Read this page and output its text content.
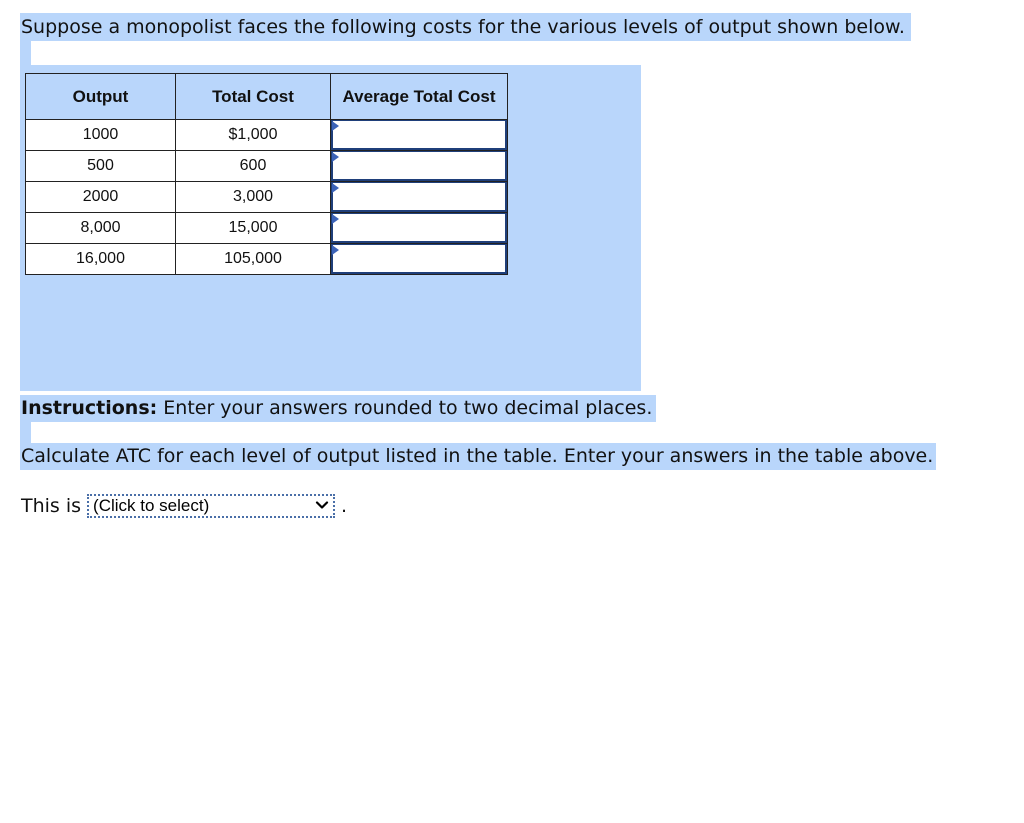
Suppose a monopolist faces the following costs for the various levels of output shown below.
Output	Total Cost	Average Total Cost
1000	$1,000	

500	600	

2000	3,000	

8,000	15,000	

16,000	105,000	
Instructions: Enter your answers rounded to two decimal places.
Calculate ATC for each level of output listed in the table. Enter your answers in the table above.
This is (Click to select)	.
